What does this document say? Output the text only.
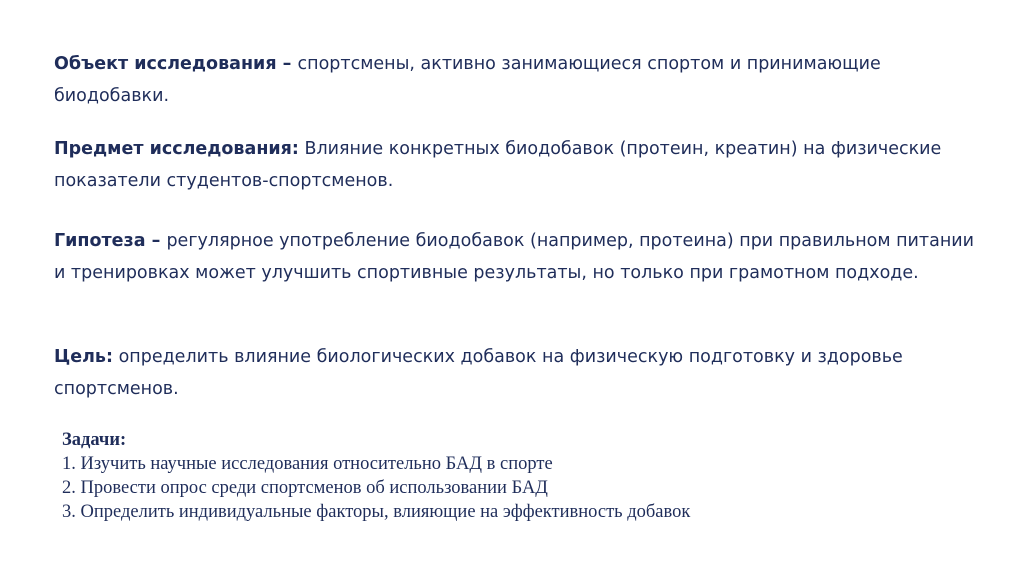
Объект исследования – спортсмены, активно занимающиеся спортом и принимающие биодобавки.
Предмет исследования: Влияние конкретных биодобавок (протеин, креатин) на физические показатели студентов-спортсменов.
Гипотеза – регулярное употребление биодобавок (например, протеина) при правильном питании и тренировках может улучшить спортивные результаты, но только при грамотном подходе.
Цель: определить влияние биологических добавок на физическую подготовку и здоровье спортсменов.
Задачи:
1. Изучить научные исследования относительно БАД в спорте
2. Провести опрос среди спортсменов об использовании БАД
3. Определить индивидуальные факторы, влияющие на эффективность добавок
